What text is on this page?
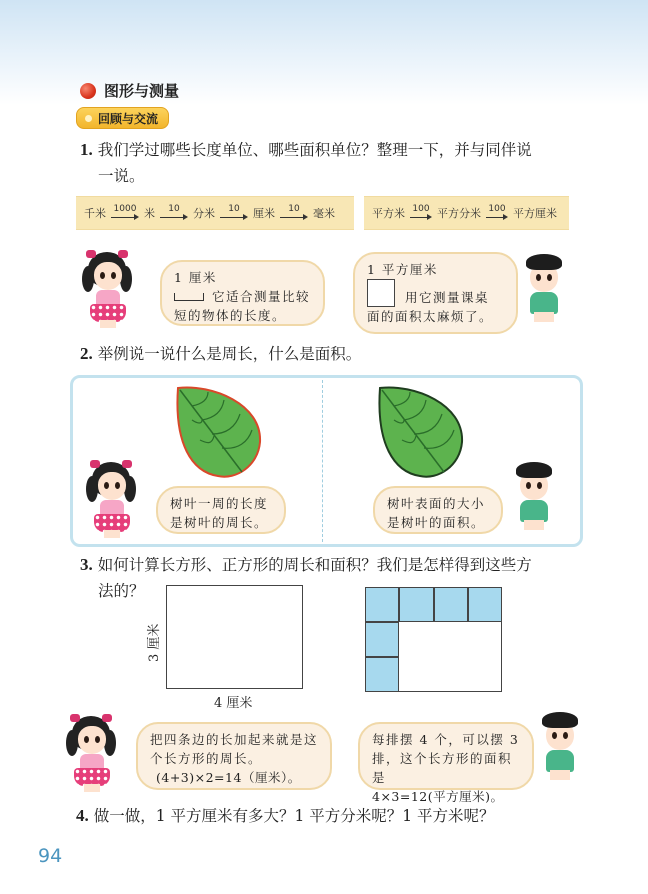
图形与测量
回顾与交流
1. 我们学过哪些长度单位、哪些面积单位？整理一下，并与同伴说
一说。
千米 1000 米 10 分米 10 厘米 10 毫米	平方米 100 平方分米 100 平方厘米
1 厘米
它适合测量比较
短的物体的长度。
1 平方厘米
用它测量课桌
面的面积太麻烦了。
2. 举例说一说什么是周长，什么是面积。
树叶一周的长度
是树叶的周长。
树叶表面的大小
是树叶的面积。
3. 如何计算长方形、正方形的周长和面积？我们是怎样得到这些方
法的？
4 厘米
3 厘米
把四条边的长加起来就是这
个长方形的周长。
(4+3)×2=14（厘米）。
每排摆 4 个，可以摆 3
排，这个长方形的面积是
4×3=12(平方厘米)。
4. 做一做，1 平方厘米有多大？1 平方分米呢？1 平方米呢？
94
